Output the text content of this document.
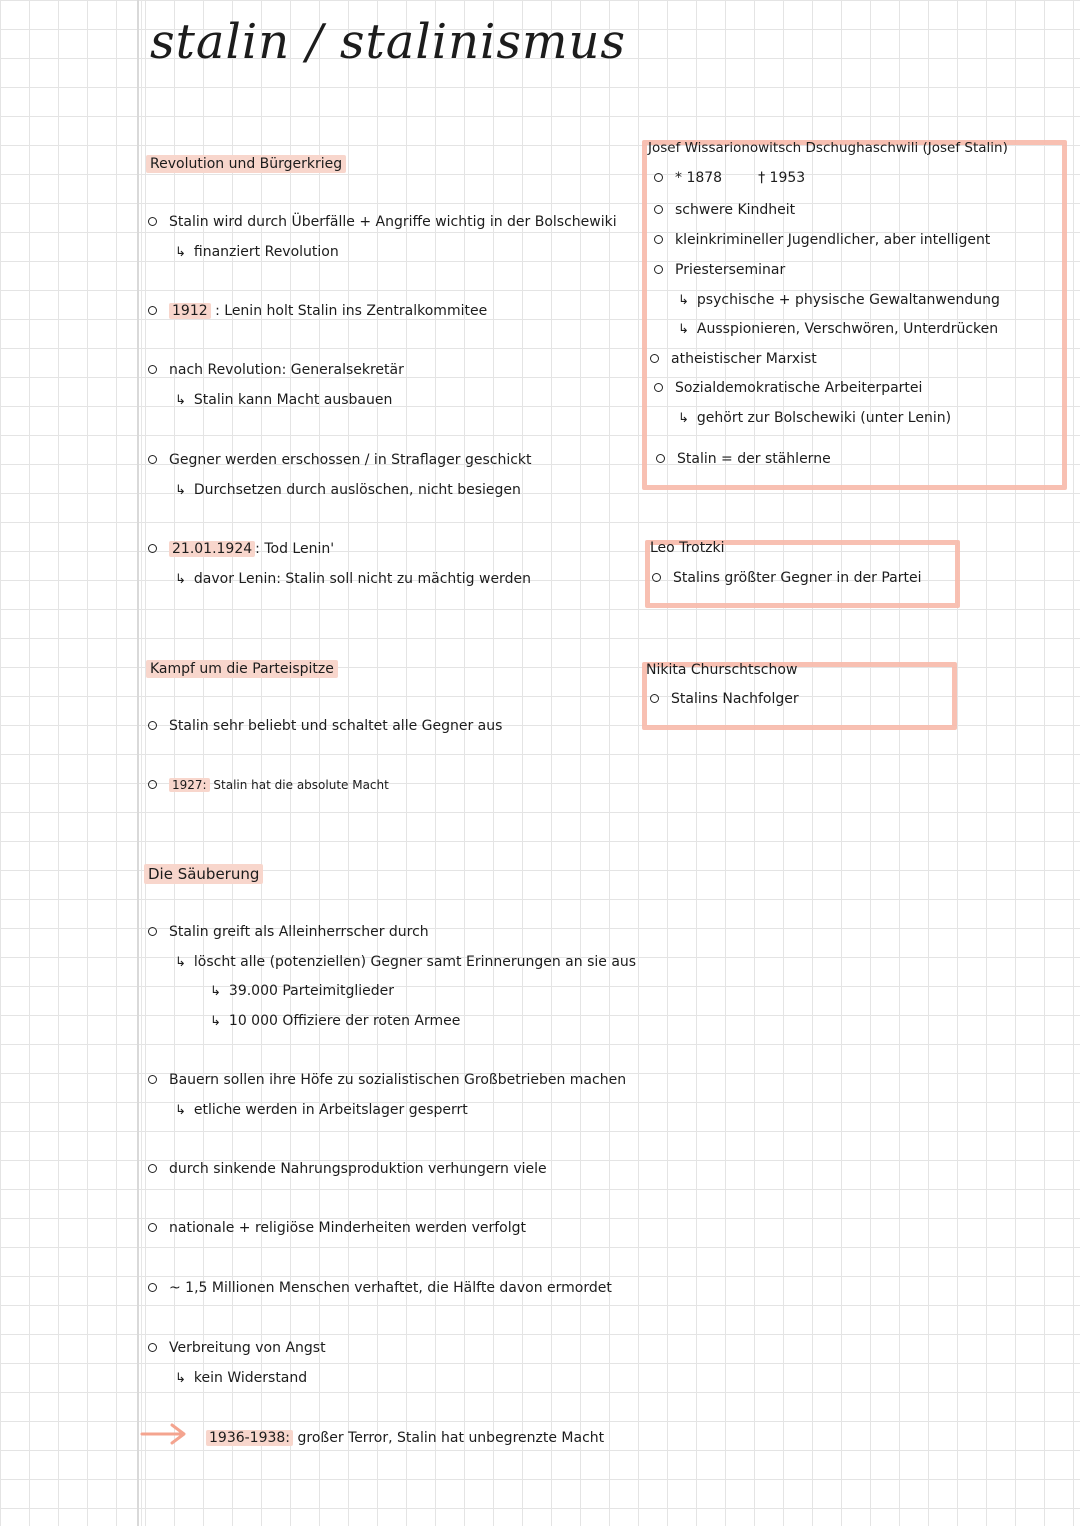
stalin / stalinismus
Revolution und Bürgerkrieg
Stalin wird durch Überfälle + Angriffe wichtig in der Bolschewiki
↳ finanziert Revolution
1912 : Lenin holt Stalin ins Zentralkommitee
nach Revolution: Generalsekretär
↳ Stalin kann Macht ausbauen
Gegner werden erschossen / in Straflager geschickt
↳ Durchsetzen durch auslöschen, nicht besiegen
21.01.1924 : Tod Lenin'
↳ davor Lenin: Stalin soll nicht zu mächtig werden
Kampf um die Parteispitze
Stalin sehr beliebt und schaltet alle Gegner aus
1927: Stalin hat die absolute Macht
Die Säuberung
Stalin greift als Alleinherrscher durch
↳ löscht alle (potenziellen) Gegner samt Erinnerungen an sie aus
↳ 39.000 Parteimitglieder
↳ 10 000 Offiziere der roten Armee
Bauern sollen ihre Höfe zu sozialistischen Großbetrieben machen
↳ etliche werden in Arbeitslager gesperrt
durch sinkende Nahrungsproduktion verhungern viele
nationale + religiöse Minderheiten werden verfolgt
~ 1,5 Millionen Menschen verhaftet, die Hälfte davon ermordet
Verbreitung von Angst
↳ kein Widerstand
1936-1938: großer Terror, Stalin hat unbegrenzte Macht
Josef Wissarionowitsch Dschughaschwili (Josef Stalin)
* 1878	† 1953
schwere Kindheit
kleinkrimineller Jugendlicher, aber intelligent
Priesterseminar
↳ psychische + physische Gewaltanwendung
↳ Ausspionieren, Verschwören, Unterdrücken
atheistischer Marxist
Sozialdemokratische Arbeiterpartei
↳ gehört zur Bolschewiki (unter Lenin)
Stalin = der stählerne
Leo Trotzki
Stalins größter Gegner in der Partei
Nikita Churschtschow
Stalins Nachfolger
